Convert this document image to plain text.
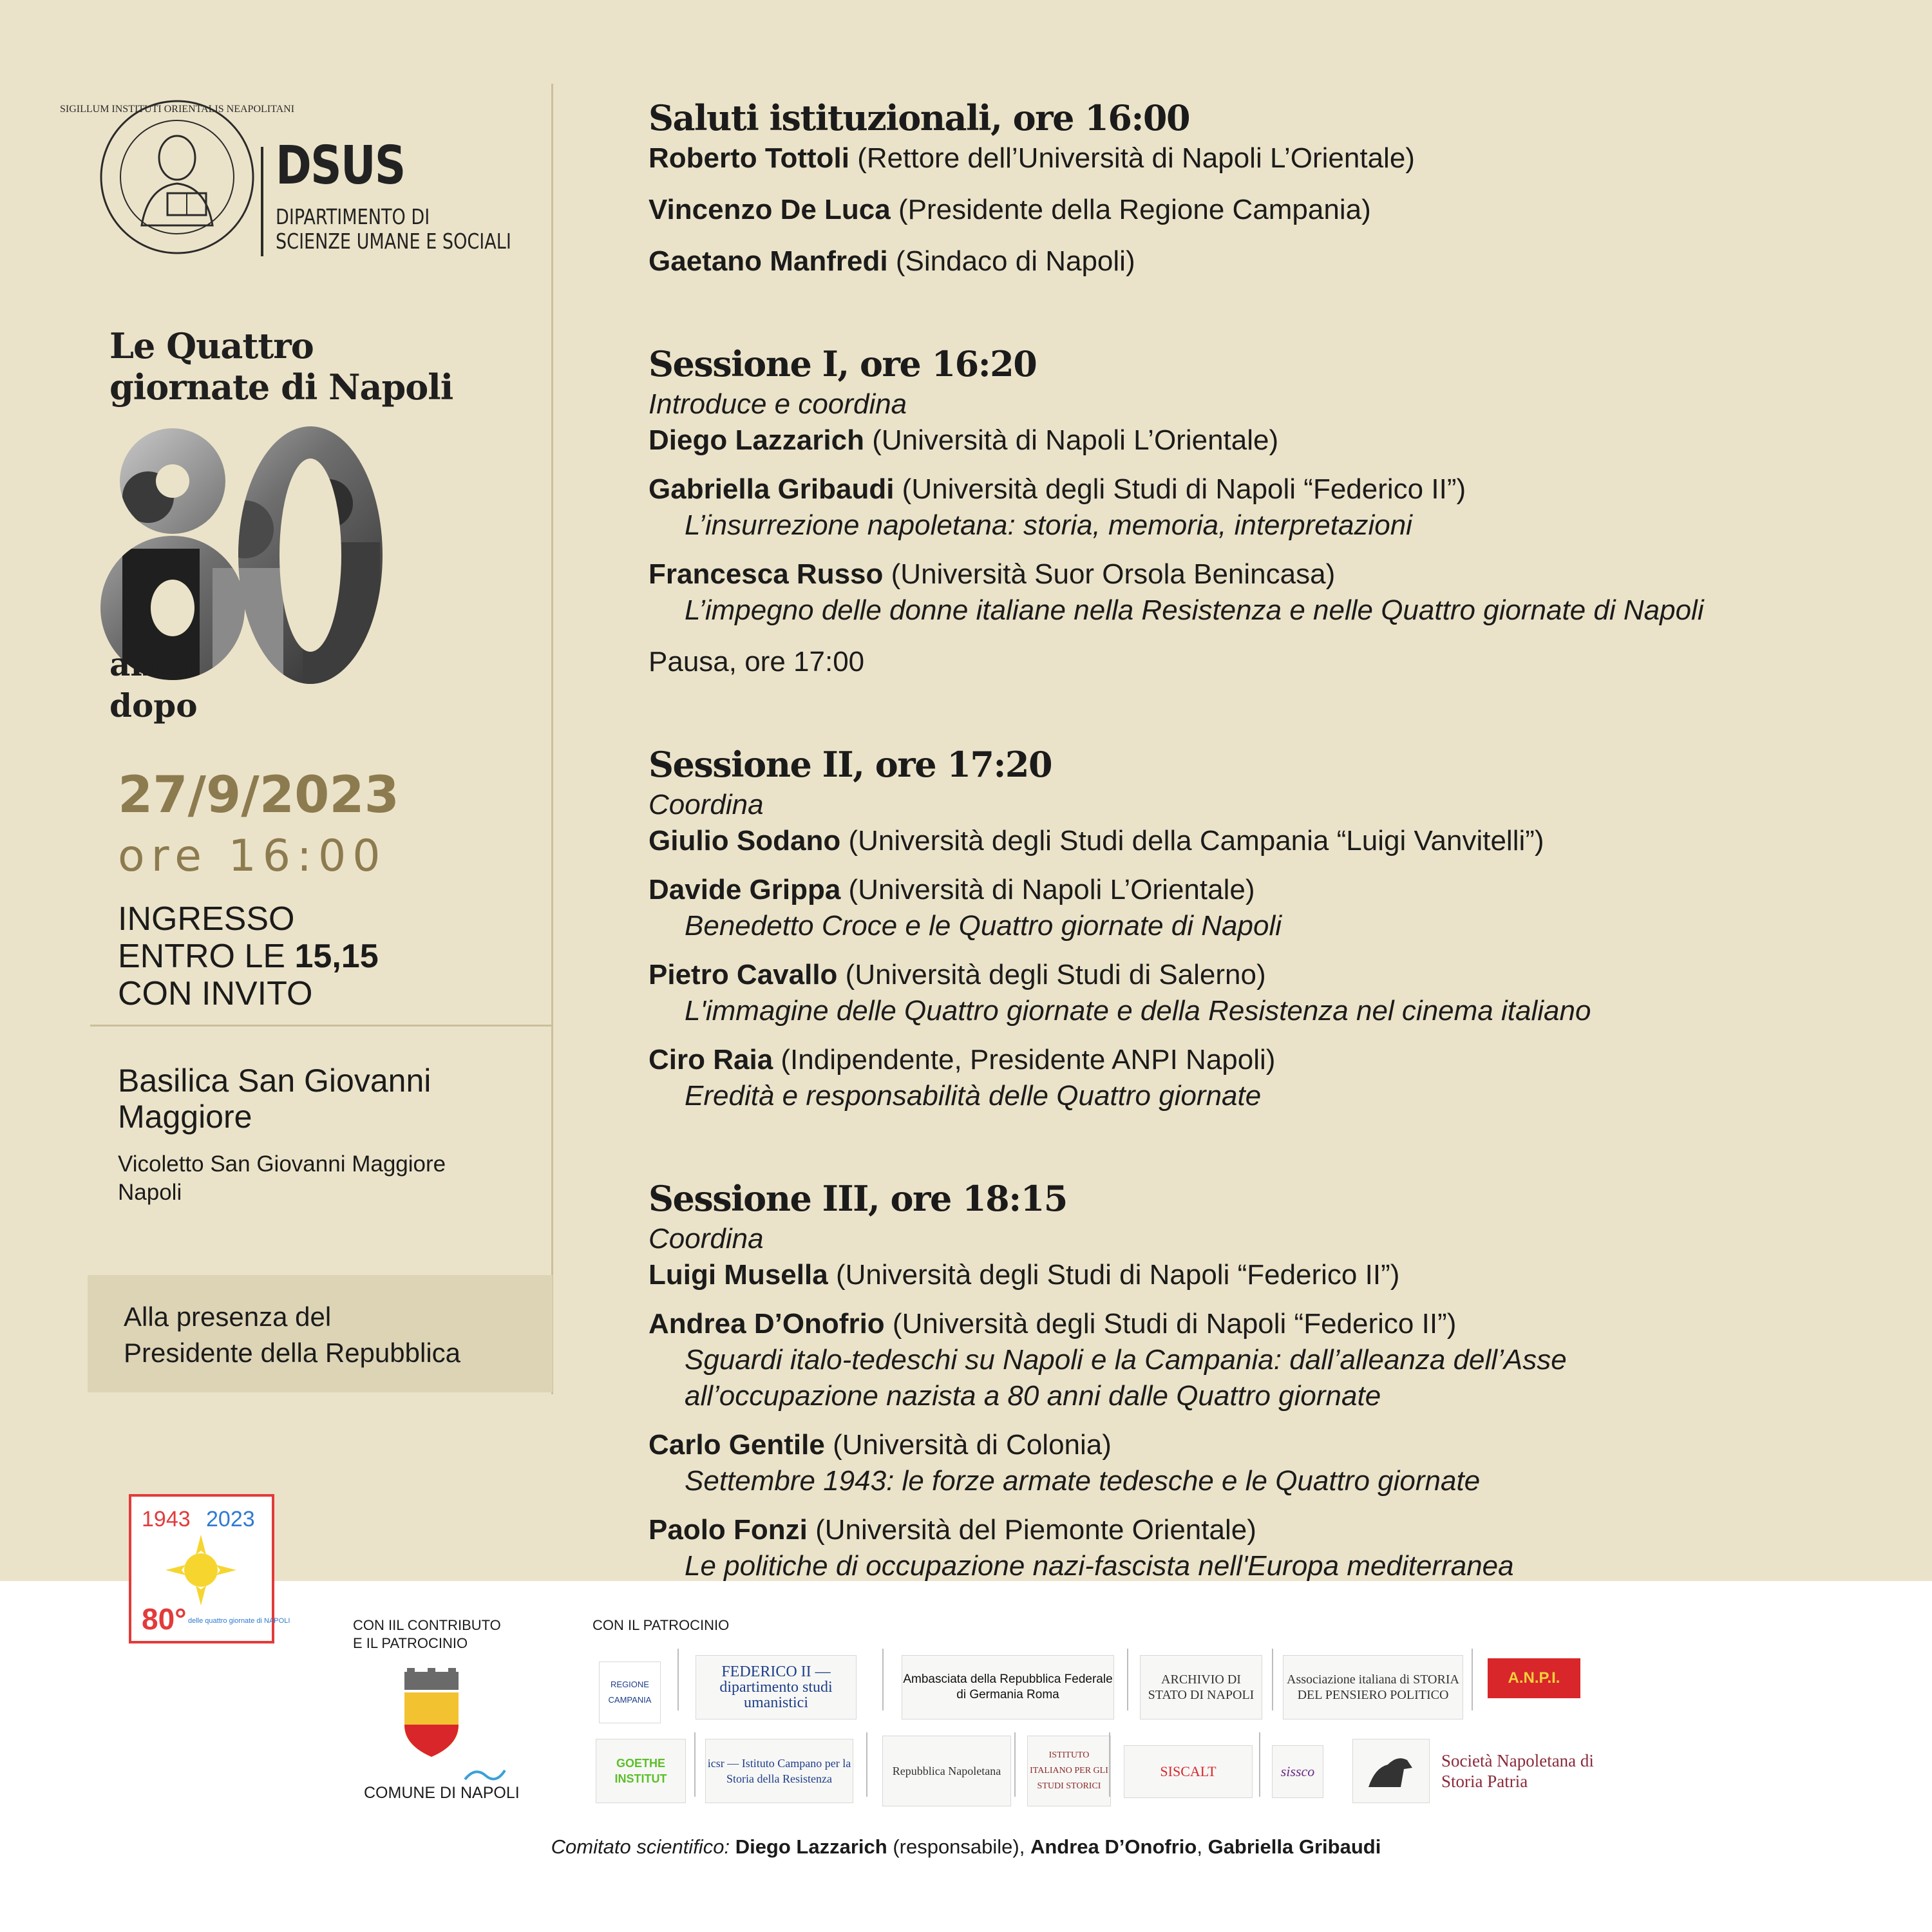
SIGILLUM INSTITUTI ORIENTALIS NEAPOLITANI
DSUS
DIPARTIMENTO DI
SCIENZE UMANE E SOCIALI
Le Quattro
giornate di Napoli
80
anni
dopo
27/9/2023
ore 16:00
INGRESSO
ENTRO LE 15,15
CON INVITO
Basilica San Giovanni
Maggiore
Vicoletto San Giovanni Maggiore
Napoli
Alla presenza del
Presidente della Repubblica
Saluti istituzionali, ore 16:00
Roberto Tottoli (Rettore dell’Università di Napoli L’Orientale)
Vincenzo De Luca (Presidente della Regione Campania)
Gaetano Manfredi (Sindaco di Napoli)
Sessione I, ore 16:20
Introduce e coordina
Diego Lazzarich (Università di Napoli L’Orientale)
Gabriella Gribaudi (Università degli Studi di Napoli “Federico II”)
L’insurrezione napoletana: storia, memoria, interpretazioni
Francesca Russo (Università Suor Orsola Benincasa)
L’impegno delle donne italiane nella Resistenza e nelle Quattro giornate di Napoli
Pausa, ore 17:00
Sessione II, ore 17:20
Coordina
Giulio Sodano (Università degli Studi della Campania “Luigi Vanvitelli”)
Davide Grippa (Università di Napoli L’Orientale)
Benedetto Croce e le Quattro giornate di Napoli
Pietro Cavallo (Università degli Studi di Salerno)
L'immagine delle Quattro giornate e della Resistenza nel cinema italiano
Ciro Raia (Indipendente, Presidente ANPI Napoli)
Eredità e responsabilità delle Quattro giornate
Sessione III, ore 18:15
Coordina
Luigi Musella (Università degli Studi di Napoli “Federico II”)
Andrea D’Onofrio (Università degli Studi di Napoli “Federico II”)
Sguardi italo-tedeschi su Napoli e la Campania: dall’alleanza dell’Asse
all’occupazione nazista a 80 anni dalle Quattro giornate
Carlo Gentile (Università di Colonia)
Settembre 1943: le forze armate tedesche e le Quattro giornate
Paolo Fonzi (Università del Piemonte Orientale)
Le politiche di occupazione nazi-fascista nell'Europa mediterranea
1943 2023
80° delle quattro giornate di NAPOLI	CON IIL CONTRIBUTO
E IL PATROCINIO
COMUNE DI NAPOLI
CON IL PATROCINIO
REGIONE CAMPANIA
FEDERICO II — dipartimento studi umanistici
Ambasciata della Repubblica Federale di Germania Roma
ARCHIVIO DI STATO DI NAPOLI
Associazione italiana di STORIA DEL PENSIERO POLITICO
A.N.P.I.
GOETHE INSTITUT
icsr — Istituto Campano per la Storia della Resistenza
Repubblica Napoletana
ISTITUTO ITALIANO PER GLI STUDI STORICI
SISCALT	sissco
Società Napoletana di Storia Patria
Comitato scientifico: Diego Lazzarich (responsabile), Andrea D’Onofrio, Gabriella Gribaudi
